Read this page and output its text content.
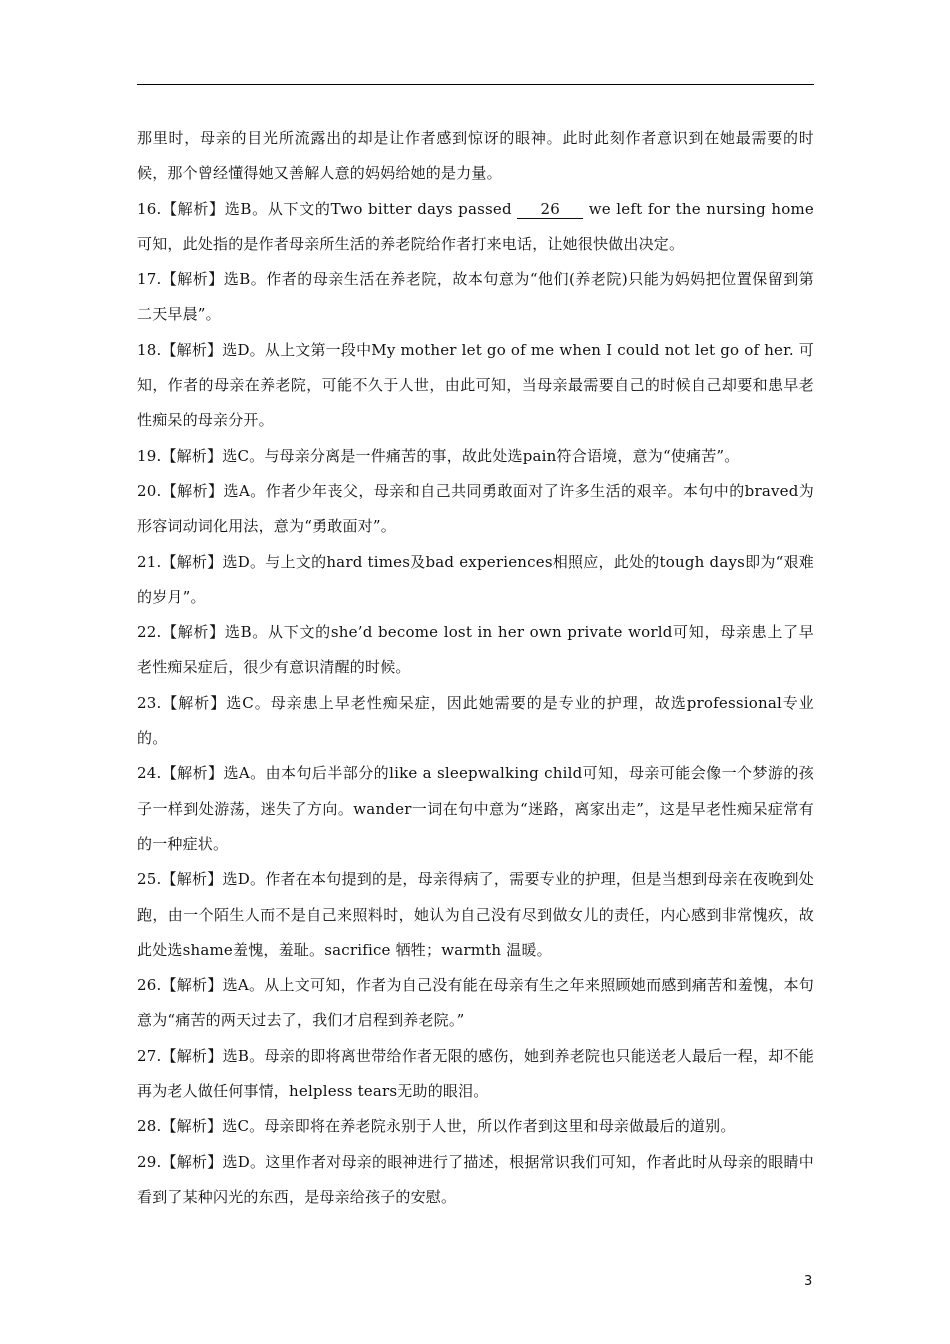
那里时，母亲的目光所流露出的却是让作者感到惊讶的眼神。此时此刻作者意识到在她最需要的时候，那个曾经懂得她又善解人意的妈妈给她的是力量。

16.【解析】选B。从下文的Two bitter days passed 26 we left for the nursing home可知，此处指的是作者母亲所生活的养老院给作者打来电话，让她很快做出决定。

17.【解析】选B。作者的母亲生活在养老院，故本句意为“他们(养老院)只能为妈妈把位置保留到第二天早晨”。

18.【解析】选D。从上文第一段中My mother let go of me when I could not let go of her. 可知，作者的母亲在养老院，可能不久于人世，由此可知，当母亲最需要自己的时候自己却要和患早老性痴呆的母亲分开。

19.【解析】选C。与母亲分离是一件痛苦的事，故此处选pain符合语境，意为“使痛苦”。

20.【解析】选A。作者少年丧父，母亲和自己共同勇敢面对了许多生活的艰辛。本句中的braved为形容词动词化用法，意为“勇敢面对”。

21.【解析】选D。与上文的hard times及bad experiences相照应，此处的tough days即为“艰难的岁月”。

22.【解析】选B。从下文的she’d become lost in her own private world可知，母亲患上了早老性痴呆症后，很少有意识清醒的时候。

23.【解析】选C。母亲患上早老性痴呆症，因此她需要的是专业的护理，故选professional专业的。

24.【解析】选A。由本句后半部分的like a sleepwalking child可知，母亲可能会像一个梦游的孩子一样到处游荡，迷失了方向。wander一词在句中意为“迷路，离家出走”，这是早老性痴呆症常有的一种症状。

25.【解析】选D。作者在本句提到的是，母亲得病了，需要专业的护理，但是当想到母亲在夜晚到处跑，由一个陌生人而不是自己来照料时，她认为自己没有尽到做女儿的责任，内心感到非常愧疚，故此处选shame羞愧，羞耻。sacrifice 牺牲；warmth 温暖。

26.【解析】选A。从上文可知，作者为自己没有能在母亲有生之年来照顾她而感到痛苦和羞愧，本句意为“痛苦的两天过去了，我们才启程到养老院。”

27.【解析】选B。母亲的即将离世带给作者无限的感伤，她到养老院也只能送老人最后一程，却不能再为老人做任何事情，helpless tears无助的眼泪。

28.【解析】选C。母亲即将在养老院永别于人世，所以作者到这里和母亲做最后的道别。

29.【解析】选D。这里作者对母亲的眼神进行了描述，根据常识我们可知，作者此时从母亲的眼睛中看到了某种闪光的东西，是母亲给孩子的安慰。

3
